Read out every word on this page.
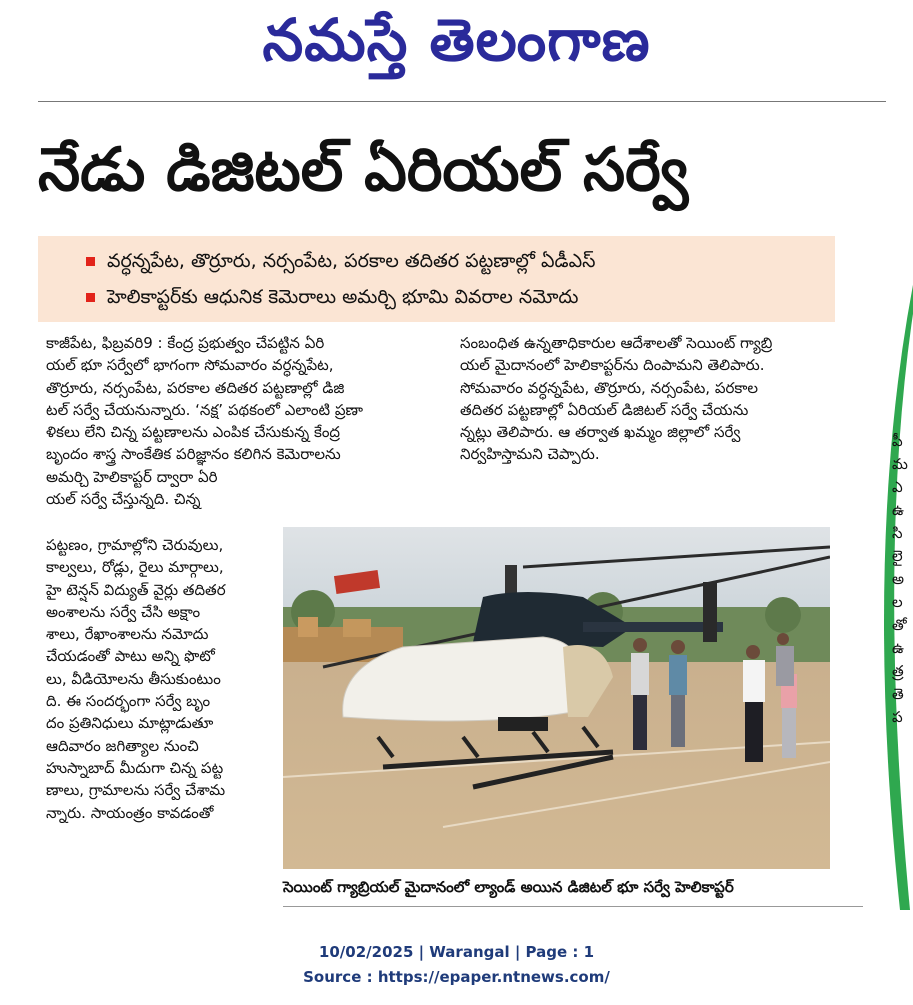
నమస్తే తెలంగాణ
నేడు డిజిటల్ ఏరియల్ సర్వే
వర్ధన్నపేట, తొర్రూరు, నర్సంపేట, పరకాల తదితర పట్టణాల్లో ఏడీఎస్
హెలికాప్టర్‌కు ఆధునిక కెమెరాలు అమర్చి భూమి వివరాల నమోదు

కాజీపేట, ఫిబ్రవరి9 : కేంద్ర ప్రభుత్వం చేపట్టిన ఏరి

యల్ భూ సర్వేలో భాగంగా సోమవారం వర్ధన్నపేట,

తొర్రూరు, నర్సంపేట, పరకాల తదితర పట్టణాల్లో డిజి

టల్ సర్వే చేయనున్నారు. ‘నక్ష’ పథకంలో ఎలాంటి ప్రణా

ళికలు లేని చిన్న పట్టణాలను ఎంపిక చేసుకున్న కేంద్ర

బృందం శాస్త్ర సాంకేతిక పరిజ్ఞానం కలిగిన కెమెరాలను

అమర్చి హెలికాప్టర్ ద్వారా ఏరి

యల్ సర్వే చేస్తున్నది. చిన్న

పట్టణం, గ్రామాల్లోని చెరువులు,

కాల్వలు, రోడ్లు, రైలు మార్గాలు,

హై టెన్షన్ విద్యుత్ వైర్లు తదితర

అంశాలను సర్వే చేసి అక్షాం

శాలు, రేఖాంశాలను నమోదు

చేయడంతో పాటు అన్ని ఫొటో

లు, వీడియోలను తీసుకుంటుం

ది. ఈ సందర్భంగా సర్వే బృం

దం ప్రతినిధులు మాట్లాడుతూ

ఆదివారం జగిత్యాల నుంచి

హుస్నాబాద్ మీదుగా చిన్న పట్ట

ణాలు, గ్రామాలను సర్వే చేశామ

న్నారు. సాయంత్రం కావడంతో

సంబంధిత ఉన్నతాధికారుల ఆదేశాలతో సెయింట్ గ్యాబ్రి

యల్ మైదానంలో హెలికాప్టర్‌ను దింపామని తెలిపారు.

సోమవారం వర్ధన్నపేట, తొర్రూరు, నర్సంపేట, పరకాల

తదితర పట్టణాల్లో ఏరియల్ డిజిటల్ సర్వే చేయను

న్నట్లు తెలిపారు. ఆ తర్వాత ఖమ్మం జిల్లాలో సర్వే

నిర్వహిస్తామని చెప్పారు.

సెయింట్ గ్యాబ్రియల్ మైదానంలో ల్యాండ్ అయిన డిజిటల్ భూ సర్వే హెలికాప్టర్
పీ
మ
ఎ
ఉ
సి
లై
అ
ల
తో
ఉ
త్ర
తె
ప
10/02/2025 | Warangal | Page : 1
Source : https://epaper.ntnews.com/
